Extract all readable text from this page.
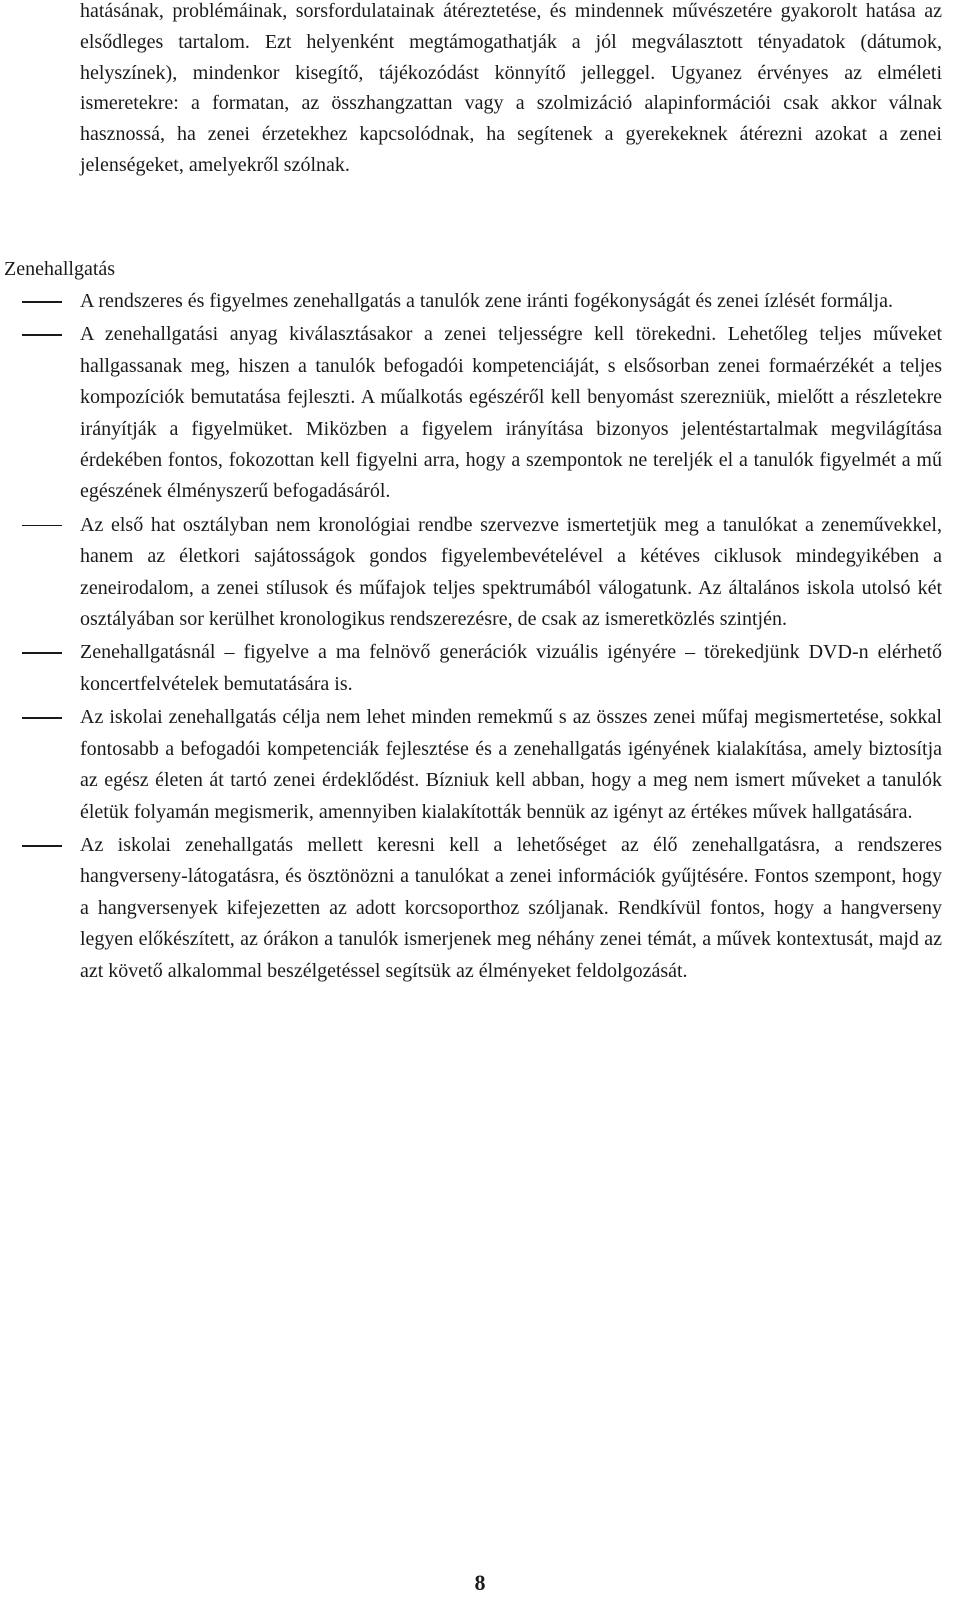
hatásának, problémáinak, sorsfordulatainak átéreztetése, és mindennek művészetére gyakorolt hatása az elsődleges tartalom. Ezt helyenként megtámogathatják a jól megválasztott tényadatok (dátumok, helyszínek), mindenkor kisegítő, tájékozódást könnyítő jelleggel. Ugyanez érvényes az elméleti ismeretekre: a formatan, az összhangzattan vagy a szolmizáció alapinformációi csak akkor válnak hasznossá, ha zenei érzetekhez kapcsolódnak, ha segítenek a gyerekeknek átérezni azokat a zenei jelenségeket, amelyekről szólnak.

Zenehallgatás
A rendszeres és figyelmes zenehallgatás a tanulók zene iránti fogékonyságát és zenei ízlését formálja.
A zenehallgatási anyag kiválasztásakor a zenei teljességre kell törekedni. Lehetőleg teljes műveket hallgassanak meg, hiszen a tanulók befogadói kompetenciáját, s elsősorban zenei formaérzékét a teljes kompozíciók bemutatása fejleszti. A műalkotás egészéről kell benyomást szerezniük, mielőtt a részletekre irányítják a figyelmüket. Miközben a figyelem irányítása bizonyos jelentéstartalmak megvilágítása érdekében fontos, fokozottan kell figyelni arra, hogy a szempontok ne tereljék el a tanulók figyelmét a mű egészének élményszerű befogadásáról.
Az első hat osztályban nem kronológiai rendbe szervezve ismertetjük meg a tanulókat a zeneművekkel, hanem az életkori sajátosságok gondos figyelembevételével a kétéves ciklusok mindegyikében a zeneirodalom, a zenei stílusok és műfajok teljes spektrumából válogatunk. Az általános iskola utolsó két osztályában sor kerülhet kronologikus rendszerezésre, de csak az ismeretközlés szintjén.
Zenehallgatásnál – figyelve a ma felnövő generációk vizuális igényére – törekedjünk DVD-n elérhető koncertfelvételek bemutatására is.
Az iskolai zenehallgatás célja nem lehet minden remekmű s az összes zenei műfaj megismertetése, sokkal fontosabb a befogadói kompetenciák fejlesztése és a zenehallgatás igényének kialakítása, amely biztosítja az egész életen át tartó zenei érdeklődést. Bízniuk kell abban, hogy a meg nem ismert műveket a tanulók életük folyamán megismerik, amennyiben kialakították bennük az igényt az értékes művek hallgatására.
Az iskolai zenehallgatás mellett keresni kell a lehetőséget az élő zenehallgatásra, a rendszeres hangverseny-látogatásra, és ösztönözni a tanulókat a zenei információk gyűjtésére. Fontos szempont, hogy a hangversenyek kifejezetten az adott korcsoporthoz szóljanak. Rendkívül fontos, hogy a hangverseny legyen előkészített, az órákon a tanulók ismerjenek meg néhány zenei témát, a művek kontextusát, majd az azt követő alkalommal beszélgetéssel segítsük az élményeket feldolgozását.

8
